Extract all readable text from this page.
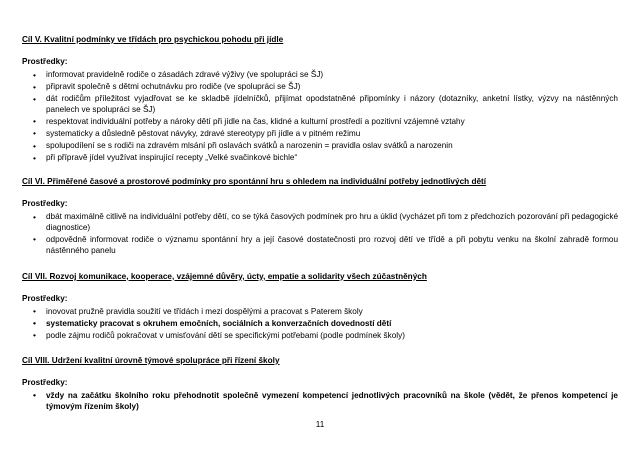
Cíl V. Kvalitní podmínky ve třídách pro psychickou pohodu při jídle
Prostředky:
• informovat pravidelně rodiče o zásadách zdravé výživy (ve spolupráci se ŠJ)
• připravit společně s dětmi ochutnávku pro rodiče (ve spolupráci se ŠJ)
• dát rodičům příležitost vyjadřovat se ke skladbě jídelníčků, přijímat opodstatněné připomínky i názory (dotazníky, anketní lístky, výzvy na nástěnných panelech ve spolupráci se ŠJ)
• respektovat individuální potřeby a nároky dětí při jídle na čas, klidné a kulturní prostředí a pozitivní vzájemné vztahy
• systematicky a důsledně pěstovat návyky, zdravé stereotypy při jídle a v pitném režimu
• spolupodílení se s rodiči na zdravém mlsání při oslavách svátků a narozenin = pravidla oslav svátků a narozenin
• při přípravě jídel využívat inspirující recepty „Velké svačinkové bichle“
Cíl VI. Přiměřené časové a prostorové podmínky pro spontánní hru s ohledem na individuální potřeby jednotlivých dětí
Prostředky:
• dbát maximálně citlivě na individuální potřeby dětí, co se týká časových podmínek pro hru a úklid (vycházet při tom z předchozích pozorování při pedagogické diagnostice)
• odpovědně informovat rodiče o významu spontánní hry a její časové dostatečnosti pro rozvoj dětí ve třídě a při pobytu venku na školní zahradě formou nástěnného panelu
Cíl VII. Rozvoj komunikace, kooperace, vzájemné důvěry, úcty, empatie a solidarity všech zúčastněných
Prostředky:
• inovovat pružně pravidla soužití ve třídách i mezi dospělými a pracovat s Paterem školy
• systematicky pracovat s okruhem emočních, sociálních a konverzačních dovedností dětí
• podle zájmu rodičů pokračovat v umisťování dětí se specifickými potřebami (podle podmínek školy)
Cíl VIII. Udržení kvalitní úrovně týmové spolupráce při řízení školy
Prostředky:
• vždy na začátku školního roku přehodnotit společně vymezení kompetencí jednotlivých pracovníků na škole (vědět, že přenos kompetencí je týmovým řízením školy)
11
